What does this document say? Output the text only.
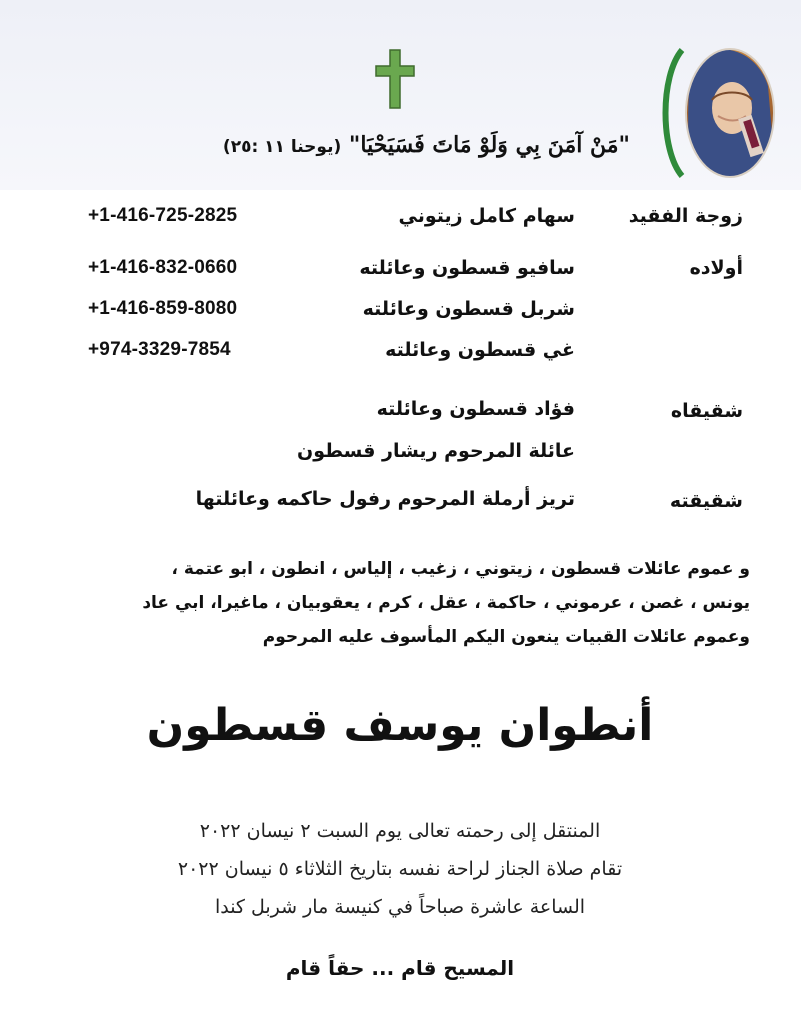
"مَنْ آمَنَ بِي وَلَوْ مَاتَ فَسَيَحْيَا" (يوحنا ١١ :٢٥)
زوجة الفقيد
سهام كامل زيتوني
+1-416-725-2825
أولاده
سافيو قسطون وعائلته
+1-416-832-0660
شربل قسطون وعائلته
+1-416-859-8080
غي قسطون وعائلته
+974-3329-7854
شقيقاه
فؤاد قسطون وعائلته
عائلة المرحوم ريشار قسطون
شقيقته
تريز أرملة المرحوم رفول حاكمه وعائلتها
و عموم عائلات قسطون ، زيتوني ، زغيب ، إلياس ، انطون ، ابو عتمة ،
يونس ، غصن ، عرموني ، حاكمة ، عقل ، كرم ، يعقوبيان ، ماغيرا، ابي عاد
وعموم عائلات القبيات ينعون اليكم المأسوف عليه المرحوم
أنطوان يوسف قسطون
المنتقل إلى رحمته تعالى يوم السبت ٢ نيسان ٢٠٢٢
تقام صلاة الجناز لراحة نفسه بتاريخ الثلاثاء ٥ نيسان ٢٠٢٢
الساعة عاشرة صباحاً في كنيسة مار شربل كندا
المسيح قام ... حقاً قام
